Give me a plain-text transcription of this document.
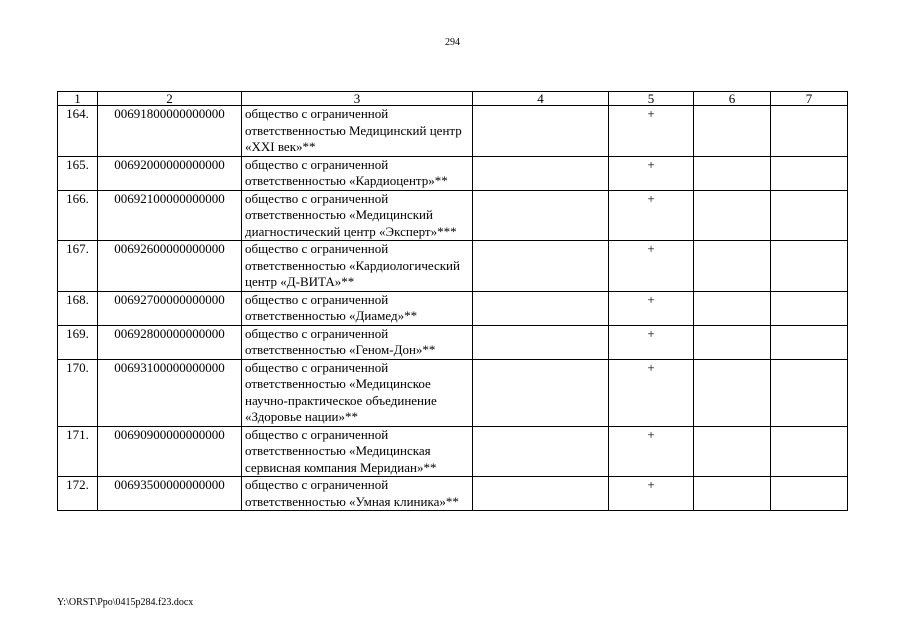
294
1	2	3	4	5	6	7
164.	00691800000000000	общество с ограниченной ответственностью Медицинский центр «XXI век»**		+		
165.	00692000000000000	общество с ограниченной ответственностью «Кардиоцентр»**		+		
166.	00692100000000000	общество с ограниченной ответственностью «Медицинский диагностический центр «Эксперт»***		+		
167.	00692600000000000	общество с ограниченной ответственностью «Кардиологический центр «Д-ВИТА»**		+		
168.	00692700000000000	общество с ограниченной ответственностью «Диамед»**		+		
169.	00692800000000000	общество с ограниченной ответственностью «Геном-Дон»**		+		
170.	00693100000000000	общество с ограниченной ответственностью «Медицинское научно-практическое объединение «Здоровье нации»**		+		
171.	00690900000000000	общество с ограниченной ответственностью «Медицинская сервисная компания Меридиан»**		+		
172.	00693500000000000	общество с ограниченной ответственностью «Умная клиника»**		+		
Y:\ORST\Ppo\0415p284.f23.docx
